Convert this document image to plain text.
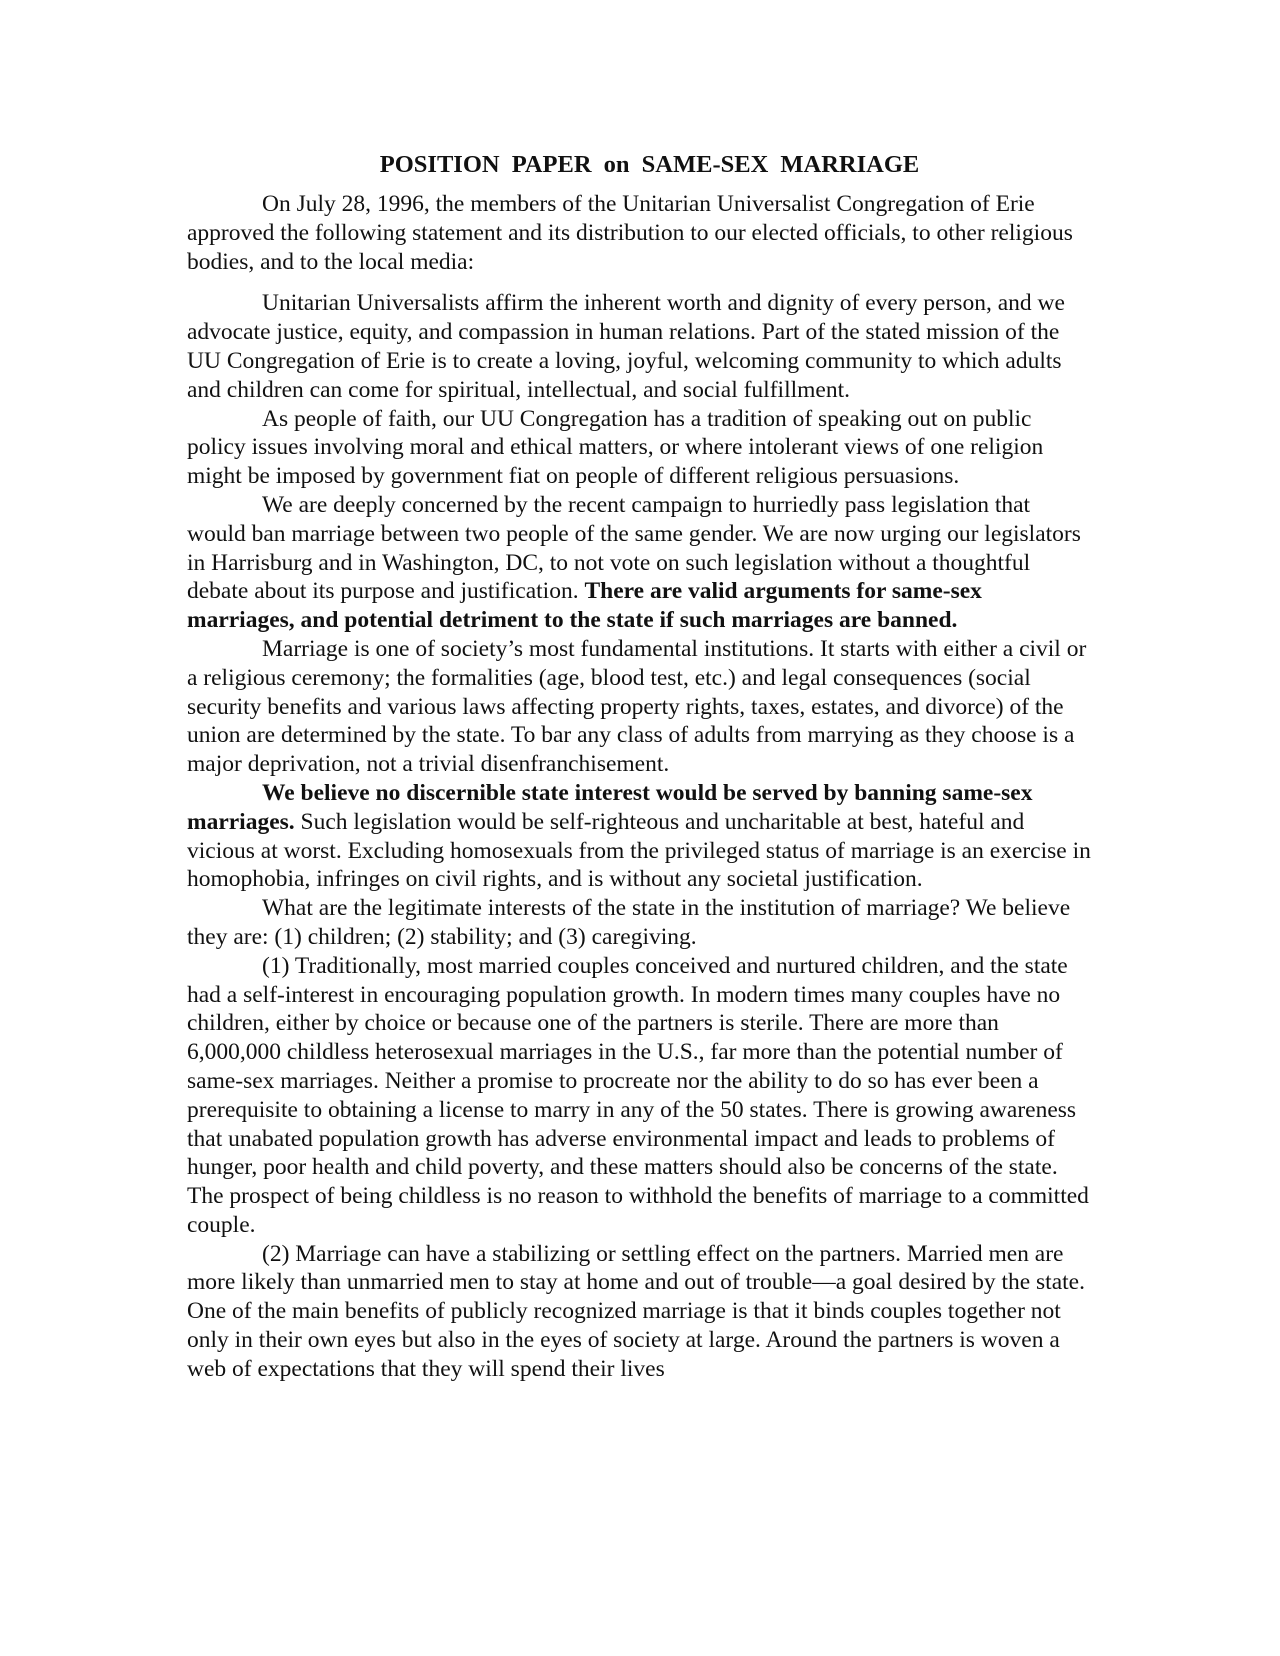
POSITION PAPER on SAME-SEX MARRIAGE

On July 28, 1996, the members of the Unitarian Universalist Congregation of Erie approved the following statement and its distribution to our elected officials, to other religious bodies, and to the local media:

Unitarian Universalists affirm the inherent worth and dignity of every person, and we advocate justice, equity, and compassion in human relations. Part of the stated mission of the UU Congregation of Erie is to create a loving, joyful, welcoming community to which adults and children can come for spiritual, intellectual, and social fulfillment.

As people of faith, our UU Congregation has a tradition of speaking out on public policy issues involving moral and ethical matters, or where intolerant views of one religion might be imposed by government fiat on people of different religious persuasions.

We are deeply concerned by the recent campaign to hurriedly pass legislation that would ban marriage between two people of the same gender. We are now urging our legislators in Harrisburg and in Washington, DC, to not vote on such legislation without a thoughtful debate about its purpose and justification. There are valid arguments for same-sex marriages, and potential detriment to the state if such marriages are banned.

Marriage is one of society’s most fundamental institutions. It starts with either a civil or a religious ceremony; the formalities (age, blood test, etc.) and legal consequences (social security benefits and various laws affecting property rights, taxes, estates, and divorce) of the union are determined by the state. To bar any class of adults from marrying as they choose is a major deprivation, not a trivial disenfranchisement.

We believe no discernible state interest would be served by banning same-sex marriages. Such legislation would be self-righteous and uncharitable at best, hateful and vicious at worst. Excluding homosexuals from the privileged status of marriage is an exercise in homophobia, infringes on civil rights, and is without any societal justification.

What are the legitimate interests of the state in the institution of marriage? We believe they are: (1) children; (2) stability; and (3) caregiving.

(1) Traditionally, most married couples conceived and nurtured children, and the state had a self-interest in encouraging population growth. In modern times many couples have no children, either by choice or because one of the partners is sterile. There are more than 6,000,000 childless heterosexual marriages in the U.S., far more than the potential number of same-sex marriages. Neither a promise to procreate nor the ability to do so has ever been a prerequisite to obtaining a license to marry in any of the 50 states. There is growing awareness that unabated population growth has adverse environmental impact and leads to problems of hunger, poor health and child poverty, and these matters should also be concerns of the state. The prospect of being childless is no reason to withhold the benefits of marriage to a committed couple.

(2) Marriage can have a stabilizing or settling effect on the partners. Married men are more likely than unmarried men to stay at home and out of trouble—a goal desired by the state. One of the main benefits of publicly recognized marriage is that it binds couples together not only in their own eyes but also in the eyes of society at large. Around the partners is woven a web of expectations that they will spend their lives
